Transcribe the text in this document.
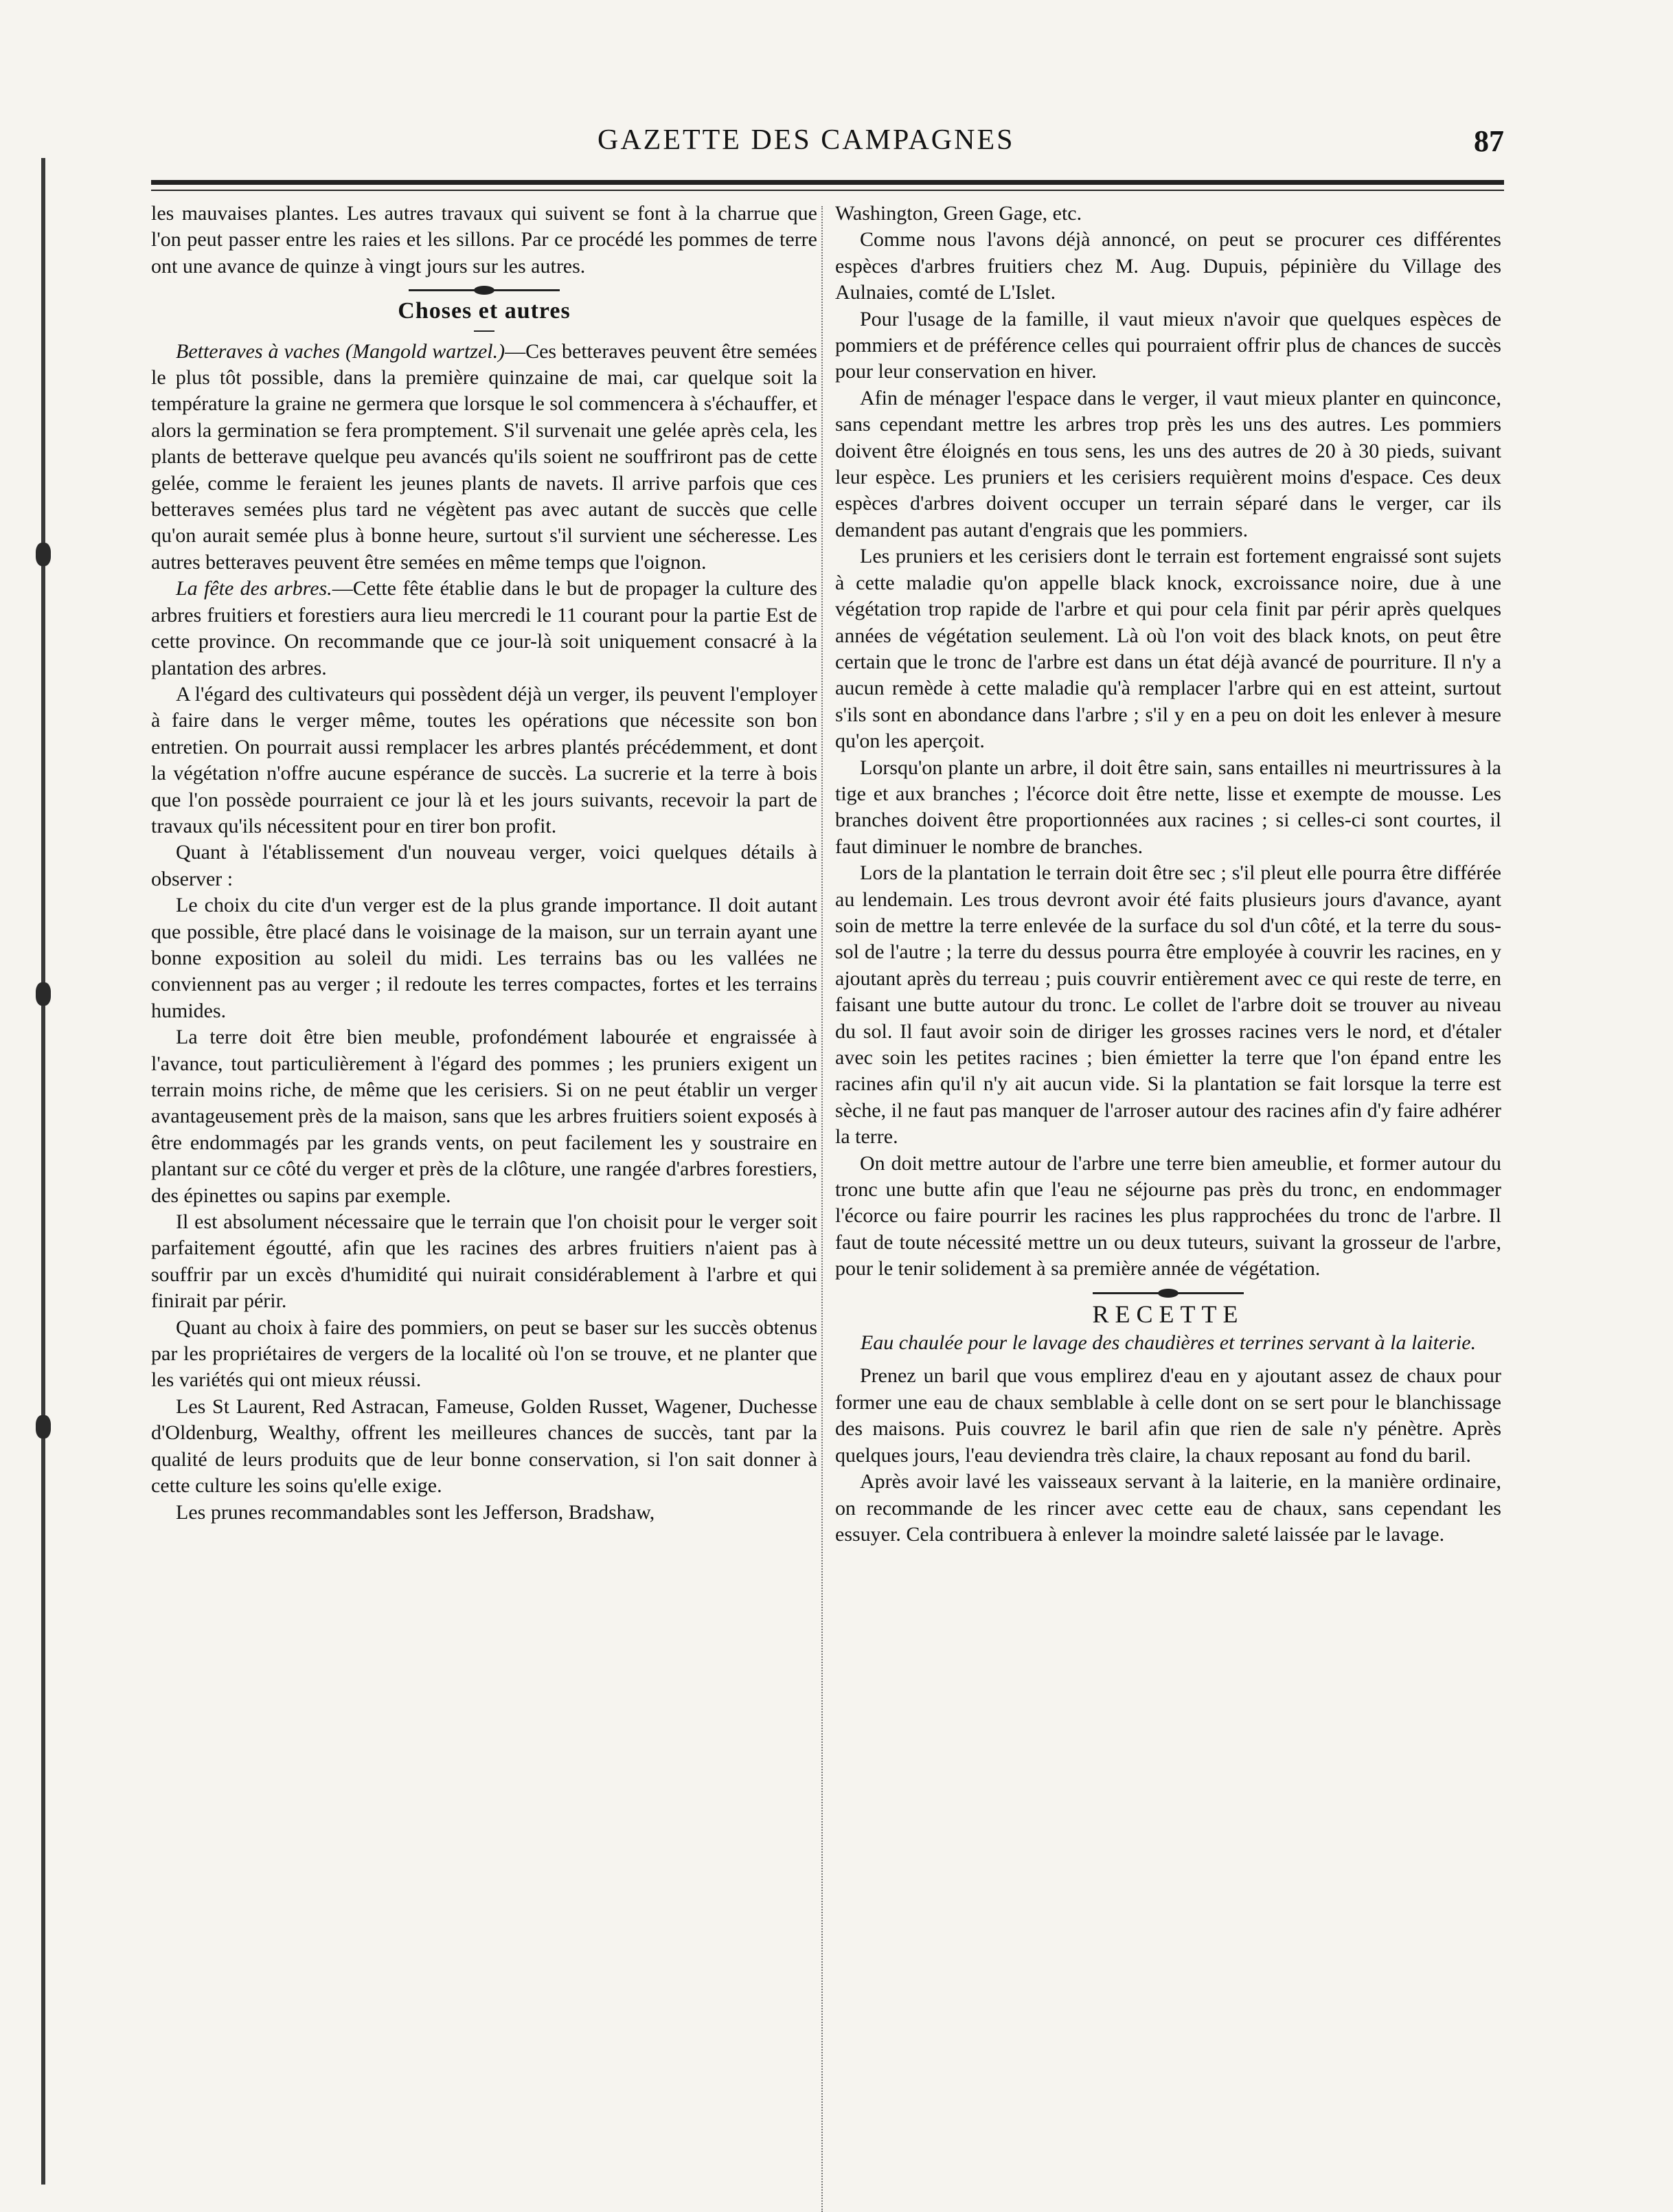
GAZETTE DES CAMPAGNES	87

les mauvaises plantes. Les autres travaux qui suivent se font à la charrue que l'on peut passer entre les raies et les sillons. Par ce procédé les pommes de terre ont une avance de quinze à vingt jours sur les autres.

Choses et autres

Betteraves à vaches (Mangold wartzel.)—Ces betteraves peuvent être semées le plus tôt possible, dans la première quinzaine de mai, car quelque soit la température la graine ne germera que lorsque le sol commencera à s'échauffer, et alors la germination se fera promptement. S'il survenait une gelée après cela, les plants de betterave quelque peu avancés qu'ils soient ne souffriront pas de cette gelée, comme le feraient les jeunes plants de navets. Il arrive parfois que ces betteraves semées plus tard ne végètent pas avec autant de succès que celle qu'on aurait semée plus à bonne heure, surtout s'il survient une sécheresse. Les autres betteraves peuvent être semées en même temps que l'oignon.

La fête des arbres.—Cette fête établie dans le but de propager la culture des arbres fruitiers et forestiers aura lieu mercredi le 11 courant pour la partie Est de cette province. On recommande que ce jour-là soit uniquement consacré à la plantation des arbres.

A l'égard des cultivateurs qui possèdent déjà un verger, ils peuvent l'employer à faire dans le verger même, toutes les opérations que nécessite son bon entretien. On pourrait aussi remplacer les arbres plantés précédemment, et dont la végétation n'offre aucune espérance de succès. La sucrerie et la terre à bois que l'on possède pourraient ce jour là et les jours suivants, recevoir la part de travaux qu'ils nécessitent pour en tirer bon profit.

Quant à l'établissement d'un nouveau verger, voici quelques détails à observer :

Le choix du cite d'un verger est de la plus grande importance. Il doit autant que possible, être placé dans le voisinage de la maison, sur un terrain ayant une bonne exposition au soleil du midi. Les terrains bas ou les vallées ne conviennent pas au verger ; il redoute les terres compactes, fortes et les terrains humides.

La terre doit être bien meuble, profondément labourée et engraissée à l'avance, tout particulièrement à l'égard des pommes ; les pruniers exigent un terrain moins riche, de même que les cerisiers. Si on ne peut établir un verger avantageusement près de la maison, sans que les arbres fruitiers soient exposés à être endommagés par les grands vents, on peut facilement les y soustraire en plantant sur ce côté du verger et près de la clôture, une rangée d'arbres forestiers, des épinettes ou sapins par exemple.

Il est absolument nécessaire que le terrain que l'on choisit pour le verger soit parfaitement égoutté, afin que les racines des arbres fruitiers n'aient pas à souffrir par un excès d'humidité qui nuirait considérablement à l'arbre et qui finirait par périr.

Quant au choix à faire des pommiers, on peut se baser sur les succès obtenus par les propriétaires de vergers de la localité où l'on se trouve, et ne planter que les variétés qui ont mieux réussi.

Les St Laurent, Red Astracan, Fameuse, Golden Russet, Wagener, Duchesse d'Oldenburg, Wealthy, offrent les meilleures chances de succès, tant par la qualité de leurs produits que de leur bonne conservation, si l'on sait donner à cette culture les soins qu'elle exige.

Les prunes recommandables sont les Jefferson, Bradshaw,

Washington, Green Gage, etc.

Comme nous l'avons déjà annoncé, on peut se procurer ces différentes espèces d'arbres fruitiers chez M. Aug. Dupuis, pépinière du Village des Aulnaies, comté de L'Islet.

Pour l'usage de la famille, il vaut mieux n'avoir que quelques espèces de pommiers et de préférence celles qui pourraient offrir plus de chances de succès pour leur conservation en hiver.

Afin de ménager l'espace dans le verger, il vaut mieux planter en quinconce, sans cependant mettre les arbres trop près les uns des autres. Les pommiers doivent être éloignés en tous sens, les uns des autres de 20 à 30 pieds, suivant leur espèce. Les pruniers et les cerisiers requièrent moins d'espace. Ces deux espèces d'arbres doivent occuper un terrain séparé dans le verger, car ils demandent pas autant d'engrais que les pommiers.

Les pruniers et les cerisiers dont le terrain est fortement engraissé sont sujets à cette maladie qu'on appelle black knock, excroissance noire, due à une végétation trop rapide de l'arbre et qui pour cela finit par périr après quelques années de végétation seulement. Là où l'on voit des black knots, on peut être certain que le tronc de l'arbre est dans un état déjà avancé de pourriture. Il n'y a aucun remède à cette maladie qu'à remplacer l'arbre qui en est atteint, surtout s'ils sont en abondance dans l'arbre ; s'il y en a peu on doit les enlever à mesure qu'on les aperçoit.

Lorsqu'on plante un arbre, il doit être sain, sans entailles ni meurtrissures à la tige et aux branches ; l'écorce doit être nette, lisse et exempte de mousse. Les branches doivent être proportionnées aux racines ; si celles-ci sont courtes, il faut diminuer le nombre de branches.

Lors de la plantation le terrain doit être sec ; s'il pleut elle pourra être différée au lendemain. Les trous devront avoir été faits plusieurs jours d'avance, ayant soin de mettre la terre enlevée de la surface du sol d'un côté, et la terre du sous-sol de l'autre ; la terre du dessus pourra être employée à couvrir les racines, en y ajoutant après du terreau ; puis couvrir entièrement avec ce qui reste de terre, en faisant une butte autour du tronc. Le collet de l'arbre doit se trouver au niveau du sol. Il faut avoir soin de diriger les grosses racines vers le nord, et d'étaler avec soin les petites racines ; bien émietter la terre que l'on épand entre les racines afin qu'il n'y ait aucun vide. Si la plantation se fait lorsque la terre est sèche, il ne faut pas manquer de l'arroser autour des racines afin d'y faire adhérer la terre.

On doit mettre autour de l'arbre une terre bien ameublie, et former autour du tronc une butte afin que l'eau ne séjourne pas près du tronc, en endommager l'écorce ou faire pourrir les racines les plus rapprochées du tronc de l'arbre. Il faut de toute nécessité mettre un ou deux tuteurs, suivant la grosseur de l'arbre, pour le tenir solidement à sa première année de végétation.

RECETTE
Eau chaulée pour le lavage des chaudières et terrines servant à la laiterie.

Prenez un baril que vous emplirez d'eau en y ajoutant assez de chaux pour former une eau de chaux semblable à celle dont on se sert pour le blanchissage des maisons. Puis couvrez le baril afin que rien de sale n'y pénètre. Après quelques jours, l'eau deviendra très claire, la chaux reposant au fond du baril.

Après avoir lavé les vaisseaux servant à la laiterie, en la manière ordinaire, on recommande de les rincer avec cette eau de chaux, sans cependant les essuyer. Cela contribuera à enlever la moindre saleté laissée par le lavage.
